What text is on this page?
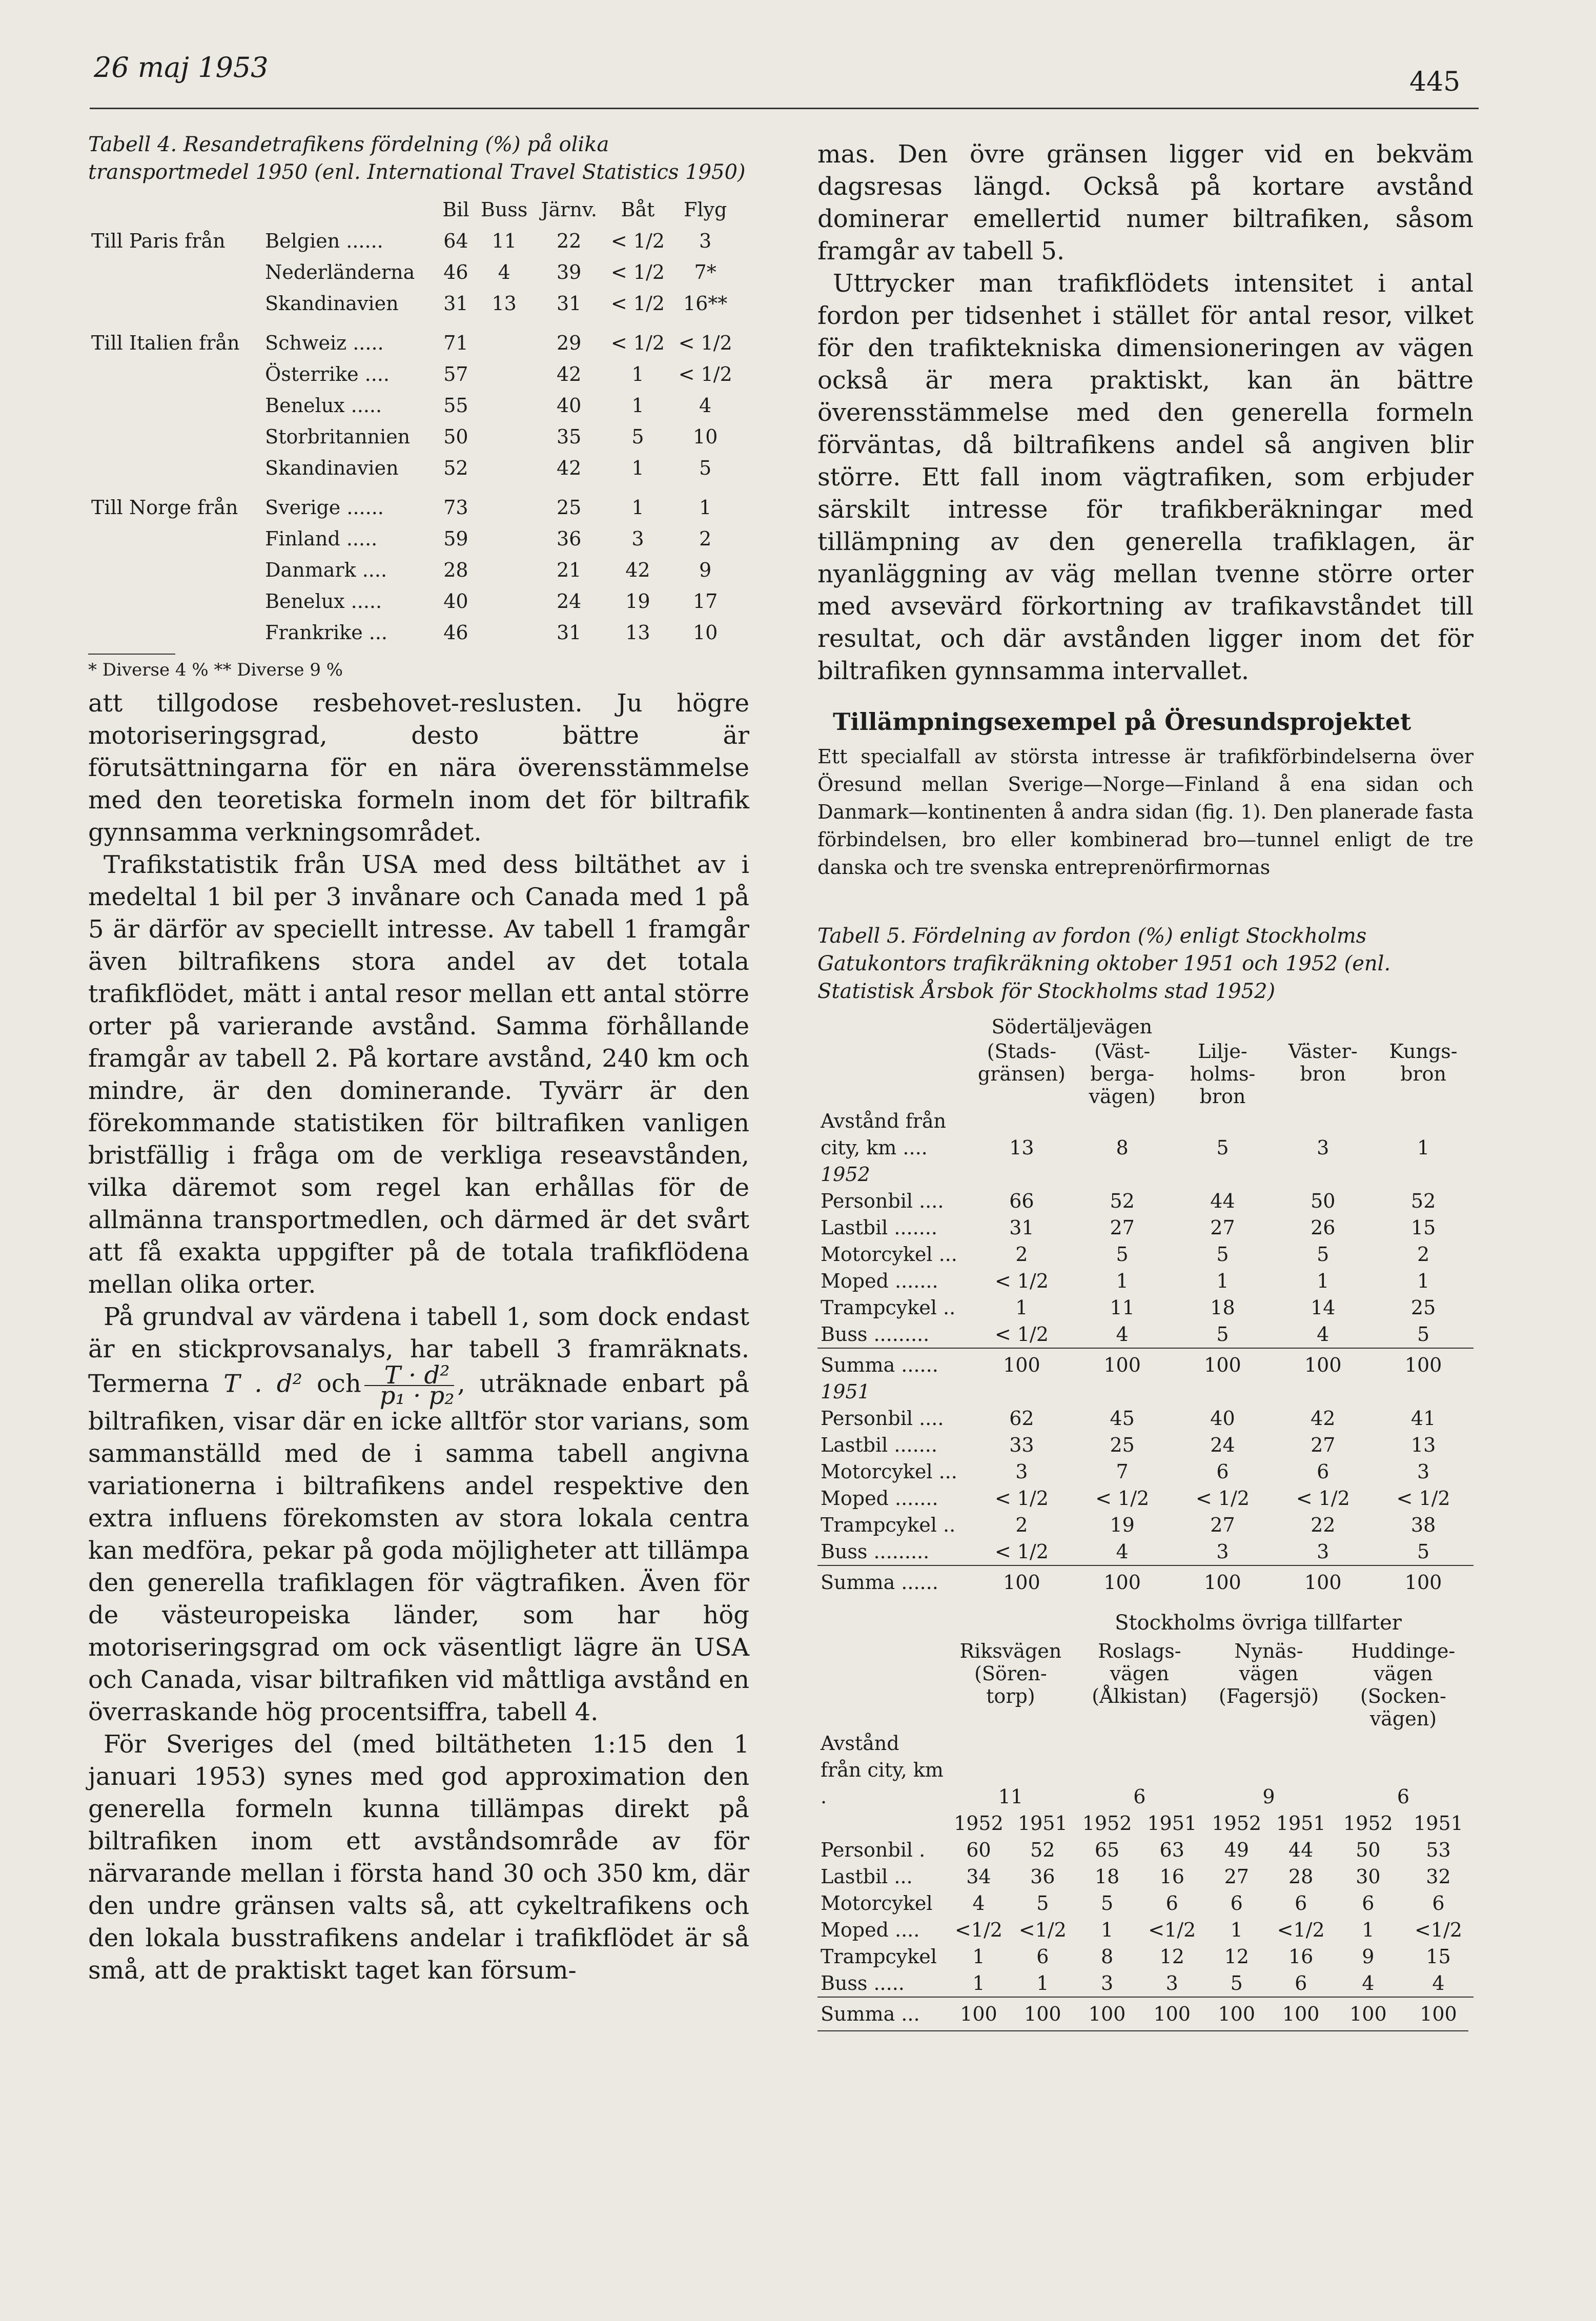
26 maj 1953	445
Tabell 4. Resandetrafikens fördelning (%) på olika transportmedel 1950 (enl. International Travel Statistics 1950)
		Bil	Buss	Järnv.	Båt	Flyg
Till Paris från	Belgien ......	64	11	22	< 1/2	3
	Nederländerna	46	4	39	< 1/2	7*
	Skandinavien	31	13	31	< 1/2	16**

Till Italien från	Schweiz .....	71		29	< 1/2	< 1/2
	Österrike ....	57		42	1	< 1/2
	Benelux .....	55		40	1	4
	Storbritannien	50		35	5	10
	Skandinavien	52		42	1	5

Till Norge från	Sverige ......	73		25	1	1
	Finland .....	59		36	3	2
	Danmark ....	28		21	42	9
	Benelux .....	40		24	19	17
	Frankrike ...	46		31	13	10
* Diverse 4 % ** Diverse 9 %

att tillgodose resbehovet-reslusten. Ju högre motoriseringsgrad, desto bättre är förutsättningarna för en nära överensstämmelse med den teoretiska formeln inom det för biltrafik gynnsamma verkningsområdet.

Trafikstatistik från USA med dess biltäthet av i medeltal 1 bil per 3 invånare och Canada med 1 på 5 är därför av speciellt intresse. Av tabell 1 framgår även biltrafikens stora andel av det totala trafikflödet, mätt i antal resor mellan ett antal större orter på varierande avstånd. Samma förhållande framgår av tabell 2. På kortare avstånd, 240 km och mindre, är den dominerande. Tyvärr är den förekommande statistiken för biltrafiken vanligen bristfällig i fråga om de verkliga reseavstånden, vilka däremot som regel kan erhållas för de allmänna transportmedlen, och därmed är det svårt att få exakta uppgifter på de totala trafikflödena mellan olika orter.

På grundval av värdena i tabell 1, som dock endast är en stickprovsanalys, har tabell 3 framräknats. Termerna T . d² och $\frac{\text{T · d²}}{\text{p₁ · p₂}}$ , uträknade enbart på biltrafiken, visar där en icke alltför stor varians, som sammanställd med de i samma tabell angivna variationerna i biltrafikens andel respektive den extra influens förekomsten av stora lokala centra kan medföra, pekar på goda möjligheter att tillämpa den generella trafiklagen för vägtrafiken. Även för de västeuropeiska länder, som har hög motoriseringsgrad om ock väsentligt lägre än USA och Canada, visar biltrafiken vid måttliga avstånd en överraskande hög procentsiffra, tabell 4.

För Sveriges del (med biltätheten 1:15 den 1 januari 1953) synes med god approximation den generella formeln kunna tillämpas direkt på biltrafiken inom ett avståndsområde av för närvarande mellan i första hand 30 och 350 km, där den undre gränsen valts så, att cykeltrafikens och den lokala busstrafikens andelar i trafikflödet är så små, att de praktiskt taget kan försum-

mas. Den övre gränsen ligger vid en bekväm dagsresas längd. Också på kortare avstånd dominerar emellertid numer biltrafiken, såsom framgår av tabell 5.

Uttrycker man trafikflödets intensitet i antal fordon per tidsenhet i stället för antal resor, vilket för den trafiktekniska dimensioneringen av vägen också är mera praktiskt, kan än bättre överensstämmelse med den generella formeln förväntas, då biltrafikens andel så angiven blir större. Ett fall inom vägtrafiken, som erbjuder särskilt intresse för trafikberäkningar med tillämpning av den generella trafiklagen, är nyanläggning av väg mellan tvenne större orter med avsevärd förkortning av trafikavståndet till resultat, och där avstånden ligger inom det för biltrafiken gynnsamma intervallet.

Tillämpningsexempel på Öresundsprojektet
Ett specialfall av största intresse är trafikförbindelserna över Öresund mellan Sverige—Norge—Finland å ena sidan och Danmark—kontinenten å andra sidan (fig. 1). Den planerade fasta förbindelsen, bro eller kombinerad bro—tunnel enligt de tre danska och tre svenska entreprenörfirmornas
Tabell 5. Fördelning av fordon (%) enligt Stockholms Gatukontors trafikräkning oktober 1951 och 1952 (enl. Statistisk Årsbok för Stockholms stad 1952)
	Södertäljevägen				
	(Stads- gränsen)	(Väst- berga- vägen)	Lilje- holms- bron	Väster- bron	Kungs- bron
Avstånd från city, km ....	13	8	5	3	1
1952					
Personbil ....	66	52	44	50	52
Lastbil .......	31	27	27	26	15
Motorcykel ...	2	5	5	5	2
Moped .......	< 1/2	1	1	1	1
Trampcykel ..	1	11	18	14	25
Buss .........	< 1/2	4	5	4	5

Summa ......	100	100	100	100	100
1951					
Personbil ....	62	45	40	42	41
Lastbil .......	33	25	24	27	13
Motorcykel ...	3	7	6	6	3
Moped .......	< 1/2	< 1/2	< 1/2	< 1/2	< 1/2
Trampcykel ..	2	19	27	22	38
Buss .........	< 1/2	4	3	3	5

Summa ......	100	100	100	100	100
Stockholms övriga tillfarter
	Riksvägen (Sören- torp)		Roslags- vägen (Ålkistan)		Nynäs- vägen (Fagersjö)		Huddinge- vägen (Socken- vägen)	
Avstånd från city, km .	11		6		9		6	
	1952	1951	1952	1951	1952	1951	1952	1951
Personbil .	60	52	65	63	49	44	50	53
Lastbil ...	34	36	18	16	27	28	30	32
Motorcykel	4	5	5	6	6	6	6	6
Moped ....	<1/2	<1/2	1	<1/2	1	<1/2	1	<1/2
Trampcykel	1	6	8	12	12	16	9	15
Buss .....	1	1	3	3	5	6	4	4

Summa ...	100	100	100	100	100	100	100	100
